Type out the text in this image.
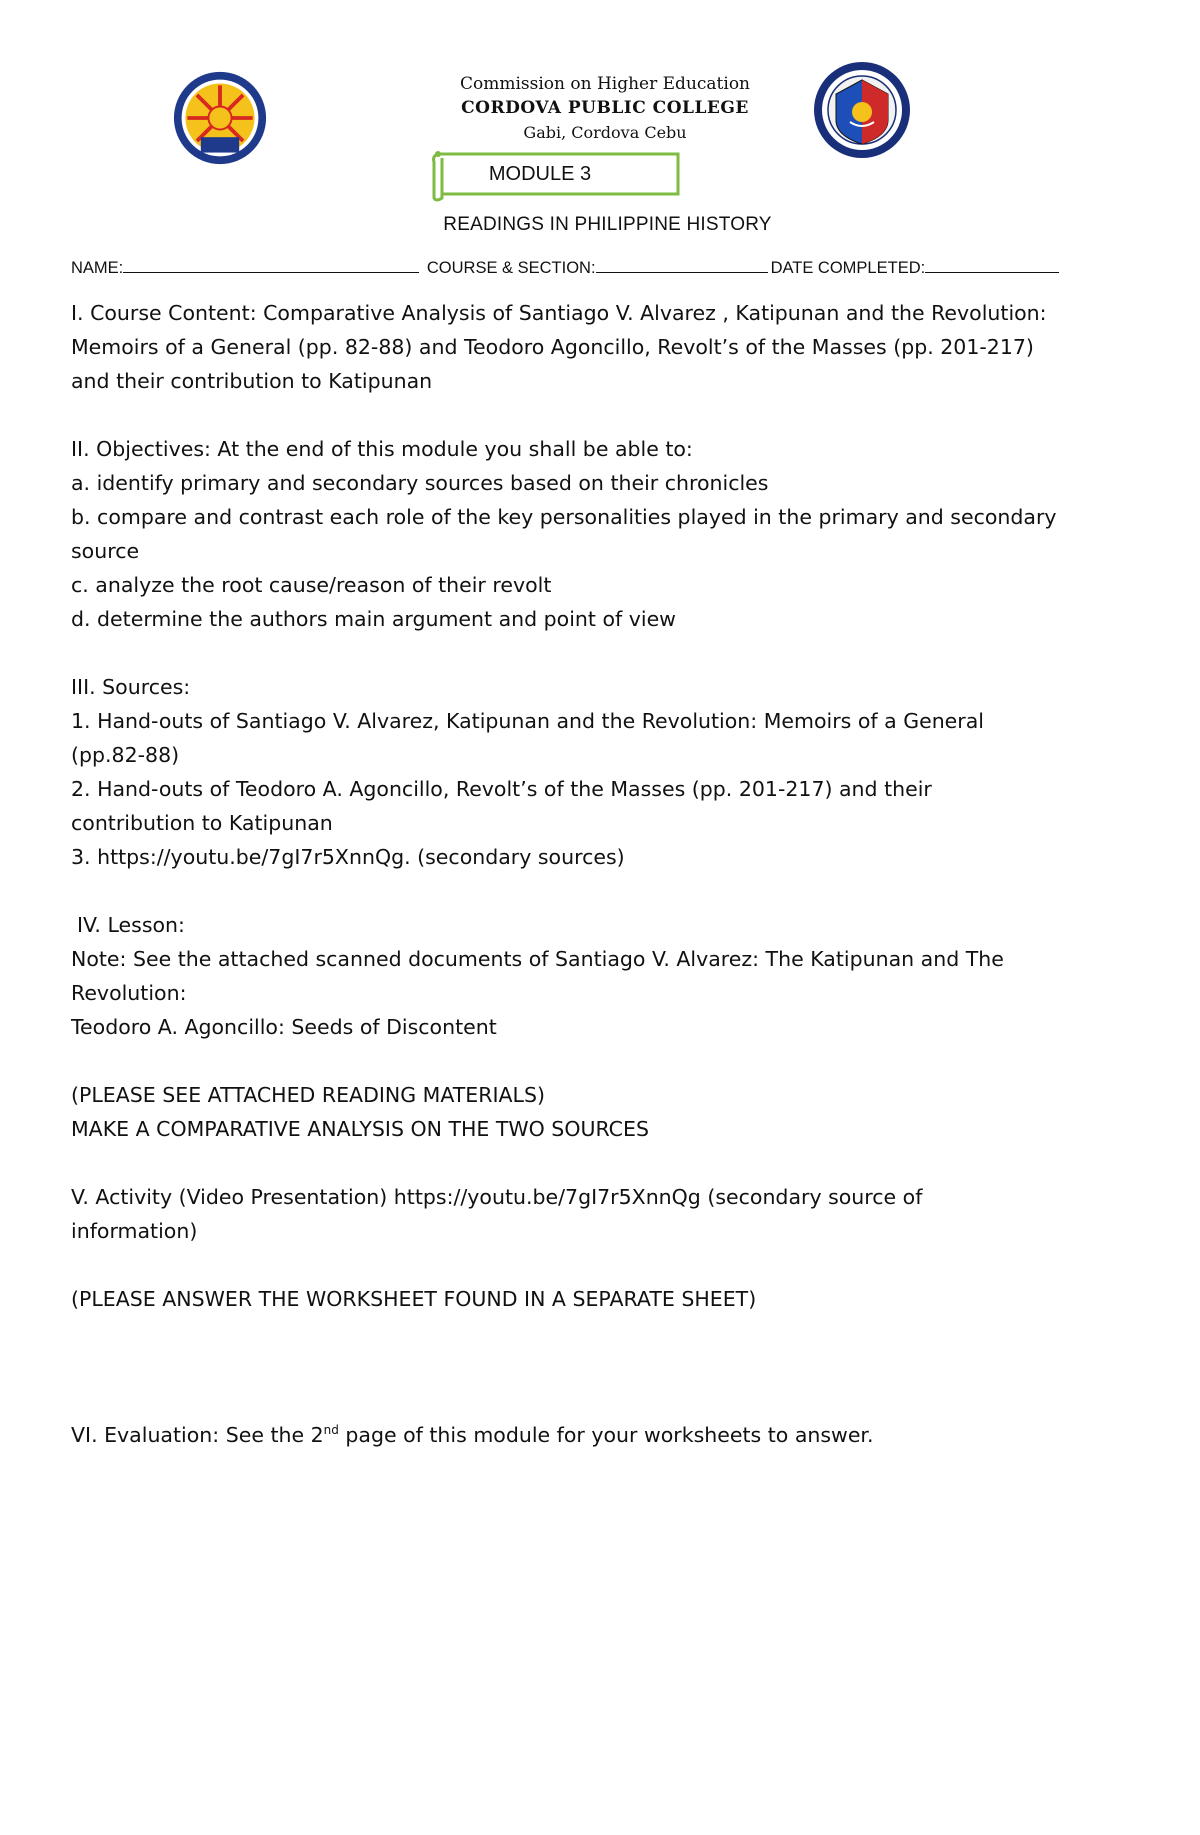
Commission on Higher Education
CORDOVA PUBLIC COLLEGE
Gabi, Cordova Cebu
MODULE 3
READINGS IN PHILIPPINE HISTORY
NAME:	COURSE & SECTION:	DATE COMPLETED:

I. Course Content: Comparative Analysis of Santiago V. Alvarez , Katipunan and the Revolution:

Memoirs of a General (pp. 82-88) and Teodoro Agoncillo, Revolt’s of the Masses (pp. 201-217)

and their contribution to Katipunan

II. Objectives: At the end of this module you shall be able to:

a. identify primary and secondary sources based on their chronicles

b. compare and contrast each role of the key personalities played in the primary and secondary

source

c. analyze the root cause/reason of their revolt

d. determine the authors main argument and point of view

III. Sources:

1. Hand-outs of Santiago V. Alvarez, Katipunan and the Revolution: Memoirs of a General

(pp.82-88)

2. Hand-outs of Teodoro A. Agoncillo, Revolt’s of the Masses (pp. 201-217) and their

contribution to Katipunan

3. https://youtu.be/7gI7r5XnnQg. (secondary sources)

IV. Lesson:

Note: See the attached scanned documents of Santiago V. Alvarez: The Katipunan and The

Revolution:

Teodoro A. Agoncillo: Seeds of Discontent

(PLEASE SEE ATTACHED READING MATERIALS)

MAKE A COMPARATIVE ANALYSIS ON THE TWO SOURCES

V. Activity (Video Presentation) https://youtu.be/7gI7r5XnnQg (secondary source of

information)

(PLEASE ANSWER THE WORKSHEET FOUND IN A SEPARATE SHEET)

VI. Evaluation: See the 2nd page of this module for your worksheets to answer.
